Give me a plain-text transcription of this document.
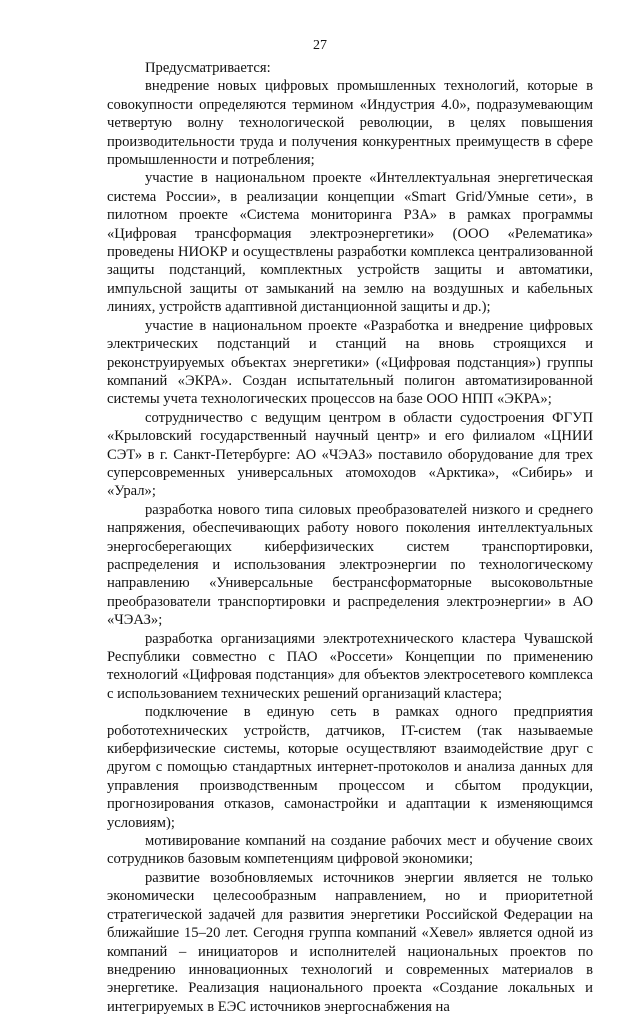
27

Предусматривается:

внедрение новых цифровых промышленных технологий, которые в совокупности определяются термином «Индустрия 4.0», подразумевающим четвертую волну технологической революции, в целях повышения производительности труда и получения конкурентных преимуществ в сфере промышленности и потребления;

участие в национальном проекте «Интеллектуальная энергетическая система России», в реализации концепции «Smart Grid/Умные сети», в пилотном проекте «Система мониторинга РЗА» в рамках программы «Цифровая трансформация электроэнергетики» (ООО «Релематика» проведены НИОКР и осуществлены разработки комплекса централизованной защиты подстанций, комплектных устройств защиты и автоматики, импульсной защиты от замыканий на землю на воздушных и кабельных линиях, устройств адаптивной дистанционной защиты и др.);

участие в национальном проекте «Разработка и внедрение цифровых электрических подстанций и станций на вновь строящихся и реконструируемых объектах энергетики» («Цифровая подстанция») группы компаний «ЭКРА». Создан испытательный полигон автоматизированной системы учета технологических процессов на базе ООО НПП «ЭКРА»;

сотрудничество с ведущим центром в области судостроения ФГУП «Крыловский государственный научный центр» и его филиалом «ЦНИИ СЭТ» в г. Санкт-Петербурге: АО «ЧЭАЗ» поставило оборудование для трех суперсовременных универсальных атомоходов «Арктика», «Сибирь» и «Урал»;

разработка нового типа силовых преобразователей низкого и среднего напряжения, обеспечивающих работу нового поколения интеллектуальных энергосберегающих киберфизических систем транспортировки, распределения и использования электроэнергии по технологическому направлению «Универсальные бестрансформаторные высоковольтные преобразователи транспортировки и распределения электроэнергии» в АО «ЧЭАЗ»;

разработка организациями электротехнического кластера Чувашской Республики совместно с ПАО «Россети» Концепции по применению технологий «Цифровая подстанция» для объектов электросетевого комплекса с использованием технических решений организаций кластера;

подключение в единую сеть в рамках одного предприятия робототехнических устройств, датчиков, IT-систем (так называемые киберфизические системы, которые осуществляют взаимодействие друг с другом с помощью стандартных интернет-протоколов и анализа данных для управления производственным процессом и сбытом продукции, прогнозирования отказов, самонастройки и адаптации к изменяющимся условиям);

мотивирование компаний на создание рабочих мест и обучение своих сотрудников базовым компетенциям цифровой экономики;

развитие возобновляемых источников энергии является не только экономически целесообразным направлением, но и приоритетной стратегической задачей для развития энергетики Российской Федерации на ближайшие 15–20 лет. Сегодня группа компаний «Хевел» является одной из компаний – инициаторов и исполнителей национальных проектов по внедрению инновационных технологий и современных материалов в энергетике. Реализация национального проекта «Создание локальных и интегрируемых в ЕЭС источников энергоснабжения на
